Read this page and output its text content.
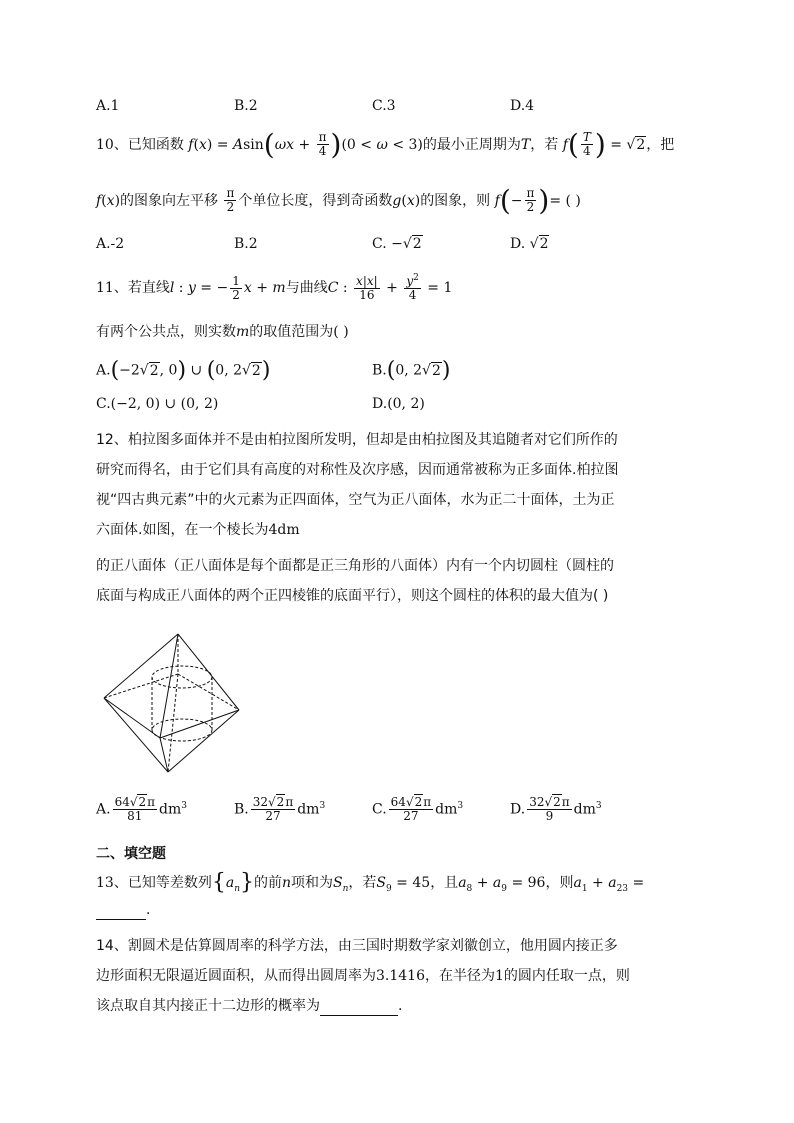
A.1	B.2	C.3	D.4
10、已知函数 $f(x) = Asin(\omega x + \frac{\pi}{4} )(0 < \omega < 3)$的最小正周期为T，若 $f( \frac{T}{4}$ ) = √2，把
f(x)的图象向左平移 $\frac{\pi}{2}$ 个单位长度，得到奇函数g(x)的图象，则 $f(- \frac{\pi}{2}$ )= ( )
A.-2	B.2	C. −√2	D. √2
11、若直线l : y = − $\frac{1}{2}$ x + m与曲线C : $\frac{x|x|}{16} + \frac{y^2}{4} = 1$
有两个公共点，则实数m的取值范围为( )
A.(−2√2, 0) ∪ (0, 2√2)	B.(0, 2√2)
C.(−2, 0) ∪ (0, 2)	D.(0, 2)
12、柏拉图多面体并不是由柏拉图所发明，但却是由柏拉图及其追随者对它们所作的
研究而得名，由于它们具有高度的对称性及次序感，因而通常被称为正多面体.柏拉图
视“四古典元素”中的火元素为正四面体，空气为正八面体，水为正二十面体，土为正
六面体.如图，在一个棱长为4dm
的正八面体（正八面体是每个面都是正三角形的八面体）内有一个内切圆柱（圆柱的
底面与构成正八面体的两个正四棱锥的底面平行），则这个圆柱的体积的最大值为( )
A. $\frac{64√2\pi}{81} dm^3$	B. $\frac{32√2\pi}{27} dm^3$	C. $\frac{64√2\pi}{27} dm^3$	D. $\frac{32√2\pi}{9} dm^3$
二、填空题
13、已知等差数列$\{a_n\}$的前n项和为$S_n$，若$S_9 = 45$，且$a_8 + a_9 = 96$，则$a_1 + a_{23}$ =
.
14、割圆术是估算圆周率的科学方法，由三国时期数学家刘徽创立，他用圆内接正多
边形面积无限逼近圆面积，从而得出圆周率为3.1416，在半径为1的圆内任取一点，则
该点取自其内接正十二边形的概率为	.
